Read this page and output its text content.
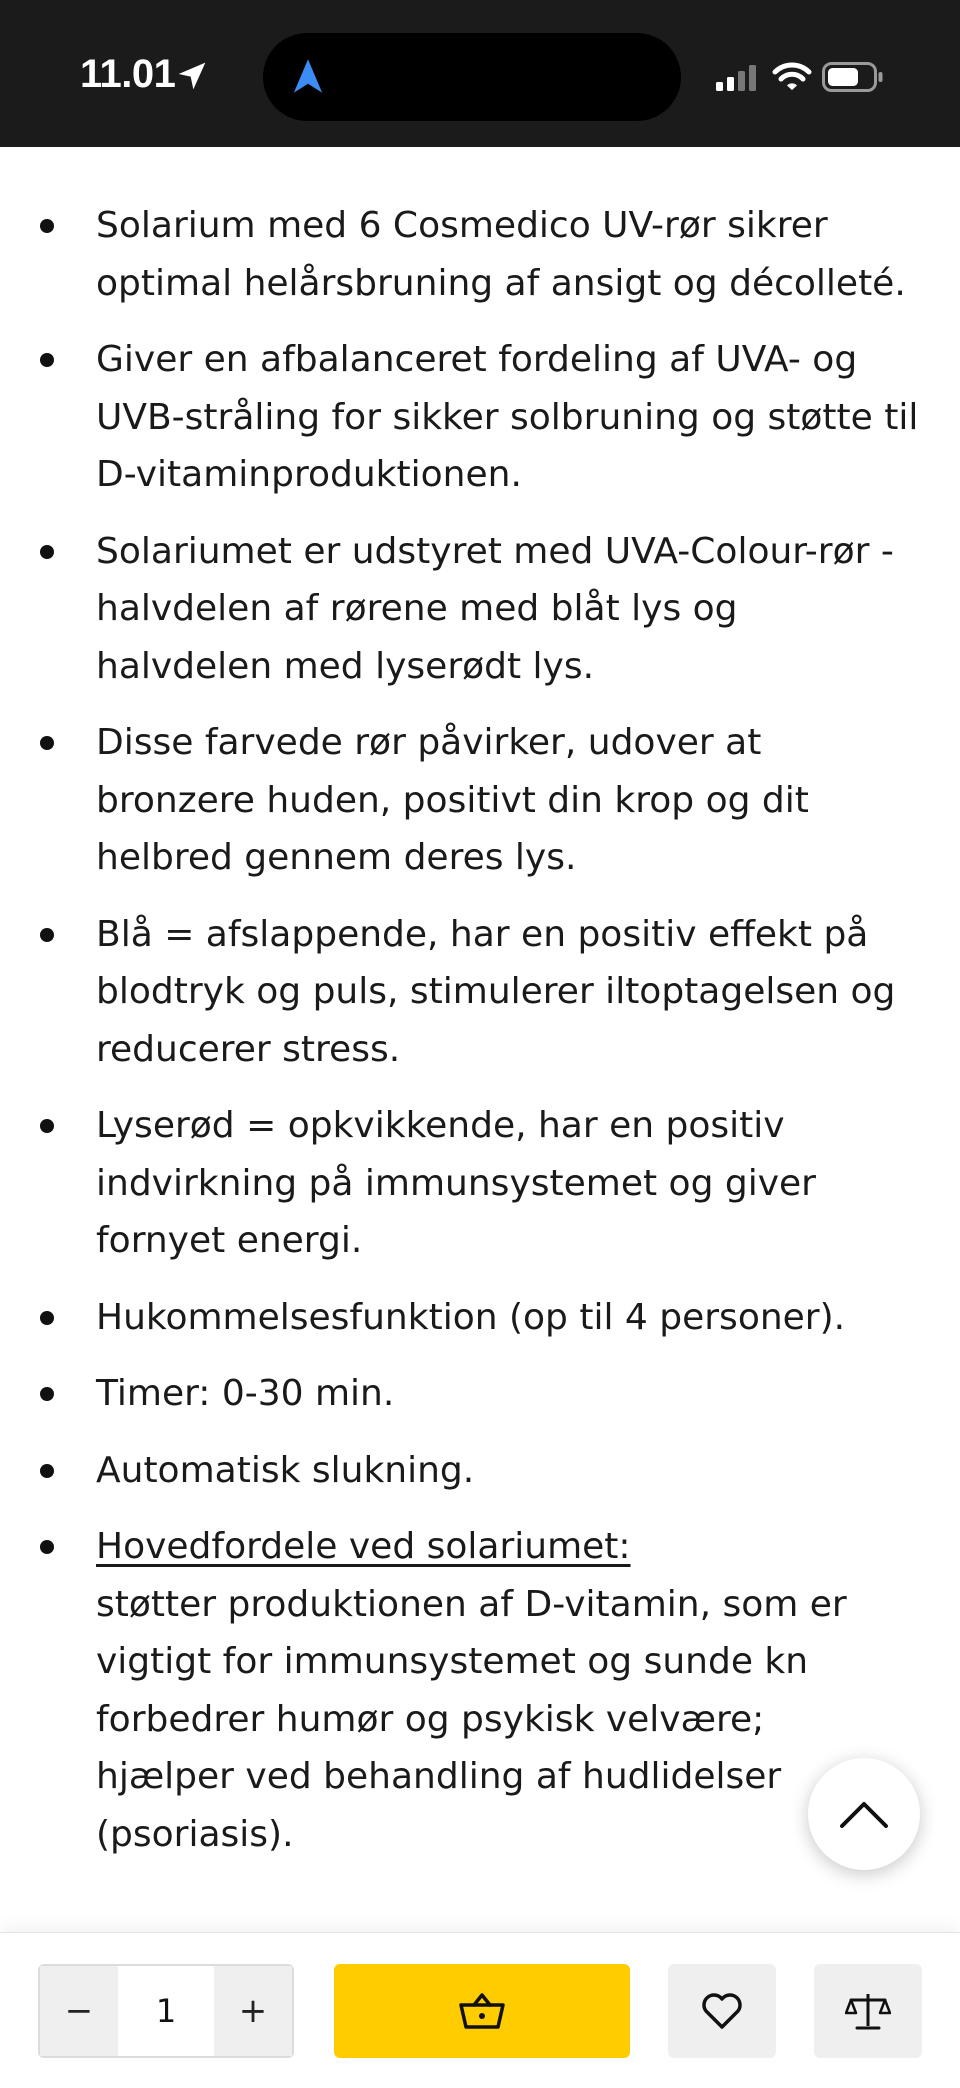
11.01
Solarium med 6 Cosmedico UV-rør sikrer optimal helårsbruning af ansigt og décolleté.
Giver en afbalanceret fordeling af UVA- og UVB-stråling for sikker solbruning og støtte til D-vitaminproduktionen.
Solariumet er udstyret med UVA-Colour-rør - halvdelen af rørene med blåt lys og halvdelen med lyserødt lys.
Disse farvede rør påvirker, udover at bronzere huden, positivt din krop og dit helbred gennem deres lys.
Blå = afslappende, har en positiv effekt på blodtryk og puls, stimulerer iltoptagelsen og reducerer stress.
Lyserød = opkvikkende, har en positiv indvirkning på immunsystemet og giver fornyet energi.
Hukommelsesfunktion (op til 4 personer).
Timer: 0-30 min.
Automatisk slukning.
Hovedfordele ved solariumet:
støtter produktionen af D-vitamin, som er
vigtigt for immunsystemet og sunde kn
forbedrer humør og psykisk velvære;
hjælper ved behandling af hudlidelser
(psoriasis).
−	1	+
